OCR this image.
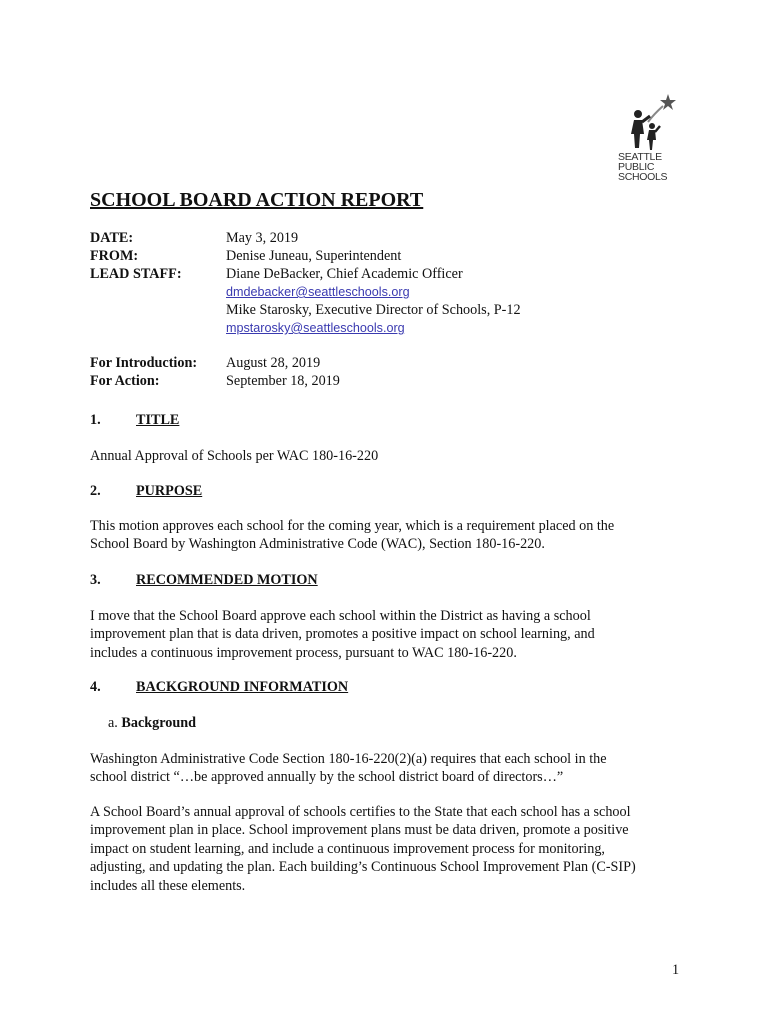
SEATTLE
PUBLIC
SCHOOLS
SCHOOL BOARD ACTION REPORT
DATE:	May 3, 2019
FROM:	Denise Juneau, Superintendent
LEAD STAFF:	Diane DeBacker, Chief Academic Officer
dmdebacker@seattleschools.org
Mike Starosky, Executive Director of Schools, P-12
mpstarosky@seattleschools.org
For Introduction: August 28, 2019
For Action:	September 18, 2019
1. TITLE

Annual Approval of Schools per WAC 180-16-220

2. PURPOSE

This motion approves each school for the coming year, which is a requirement placed on the
School Board by Washington Administrative Code (WAC), Section 180-16-220.

3. RECOMMENDED MOTION

I move that the School Board approve each school within the District as having a school
improvement plan that is data driven, promotes a positive impact on school learning, and
includes a continuous improvement process, pursuant to WAC 180-16-220.

4. BACKGROUND INFORMATION
a. Background

Washington Administrative Code Section 180-16-220(2)(a) requires that each school in the
school district “…be approved annually by the school district board of directors…”

A School Board’s annual approval of schools certifies to the State that each school has a school
improvement plan in place. School improvement plans must be data driven, promote a positive
impact on student learning, and include a continuous improvement process for monitoring,
adjusting, and updating the plan. Each building’s Continuous School Improvement Plan (C-SIP)
includes all these elements.

1
